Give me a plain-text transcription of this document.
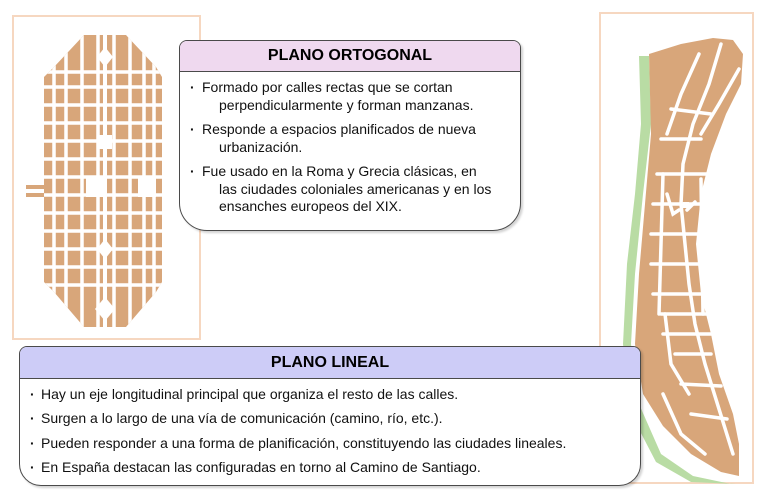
PLANO ORTOGONAL
· Formado por calles rectas que se cortan
perpendicularmente y forman manzanas.
· Responde a espacios planificados de nueva
urbanización.
· Fue usado en la Roma y Grecia clásicas, en
las ciudades coloniales americanas y en los
ensanches europeos del XIX.
PLANO LINEAL
· Hay un eje longitudinal principal que organiza el resto de las calles.
· Surgen a lo largo de una vía de comunicación (camino, río, etc.).
· Pueden responder a una forma de planificación, constituyendo las ciudades lineales.
· En España destacan las configuradas en torno al Camino de Santiago.
